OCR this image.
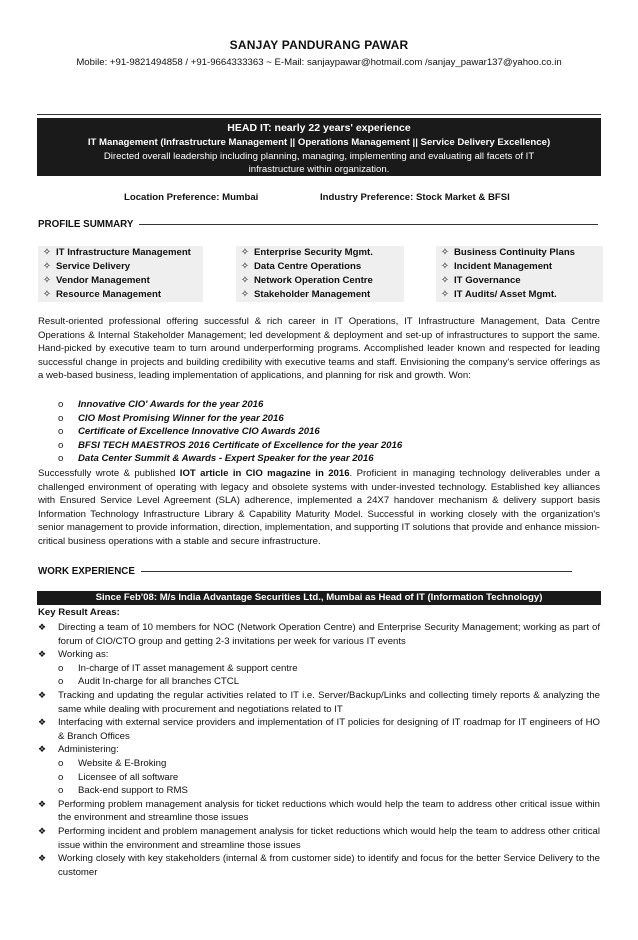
SANJAY PANDURANG PAWAR
Mobile: +91-9821494858 / +91-9664333363 ~ E-Mail: sanjaypawar@hotmail.com /sanjay_pawar137@yahoo.co.in
HEAD IT: nearly 22 years' experience
IT Management (Infrastructure Management || Operations Management || Service Delivery Excellence)
Directed overall leadership including planning, managing, implementing and evaluating all facets of IT infrastructure within organization.
Location Preference: Mumbai	Industry Preference: Stock Market & BFSI
PROFILE SUMMARY
✧ IT Infrastructure Management
✧ Service Delivery
✧ Vendor Management
✧ Resource Management
✧ Enterprise Security Mgmt.
✧ Data Centre Operations
✧ Network Operation Centre
✧ Stakeholder Management
✧ Business Continuity Plans
✧ Incident Management
✧ IT Governance
✧ IT Audits/ Asset Mgmt.
Result-oriented professional offering successful & rich career in IT Operations, IT Infrastructure Management, Data Centre Operations & Internal Stakeholder Management; led development & deployment and set-up of infrastructures to support the same. Hand-picked by executive team to turn around underperforming programs. Accomplished leader known and respected for leading successful change in projects and building credibility with executive teams and staff. Envisioning the company's service offerings as a web-based business, leading implementation of applications, and planning for risk and growth. Won:
o	Innovative CIO' Awards for the year 2016
o	CIO Most Promising Winner for the year 2016
o	Certificate of Excellence Innovative CIO Awards 2016
o	BFSI TECH MAESTROS 2016 Certificate of Excellence for the year 2016
o	Data Center Summit & Awards - Expert Speaker for the year 2016
Successfully wrote & published IOT article in CIO magazine in 2016. Proficient in managing technology deliverables under a challenged environment of operating with legacy and obsolete systems with under-invested technology. Established key alliances with Ensured Service Level Agreement (SLA) adherence, implemented a 24X7 handover mechanism & delivery support basis Information Technology Infrastructure Library & Capability Maturity Model. Successful in working closely with the organization's senior management to provide information, direction, implementation, and supporting IT solutions that provide and enhance mission-critical business operations with a stable and secure infrastructure.
WORK EXPERIENCE
Since Feb'08: M/s India Advantage Securities Ltd., Mumbai as Head of IT (Information Technology)
Key Result Areas:
❖	Directing a team of 10 members for NOC (Network Operation Centre) and Enterprise Security Management; working as part of forum of CIO/CTO group and getting 2-3 invitations per week for various IT events
❖	Working as:
o	In-charge of IT asset management & support centre
o	Audit In-charge for all branches CTCL
❖	Tracking and updating the regular activities related to IT i.e. Server/Backup/Links and collecting timely reports & analyzing the same while dealing with procurement and negotiations related to IT
❖	Interfacing with external service providers and implementation of IT policies for designing of IT roadmap for IT engineers of HO & Branch Offices
❖	Administering:
o	Website & E-Broking
o	Licensee of all software
o	Back-end support to RMS
❖	Performing problem management analysis for ticket reductions which would help the team to address other critical issue within the environment and streamline those issues
❖	Performing incident and problem management analysis for ticket reductions which would help the team to address other critical issue within the environment and streamline those issues
❖	Working closely with key stakeholders (internal & from customer side) to identify and focus for the better Service Delivery to the customer
